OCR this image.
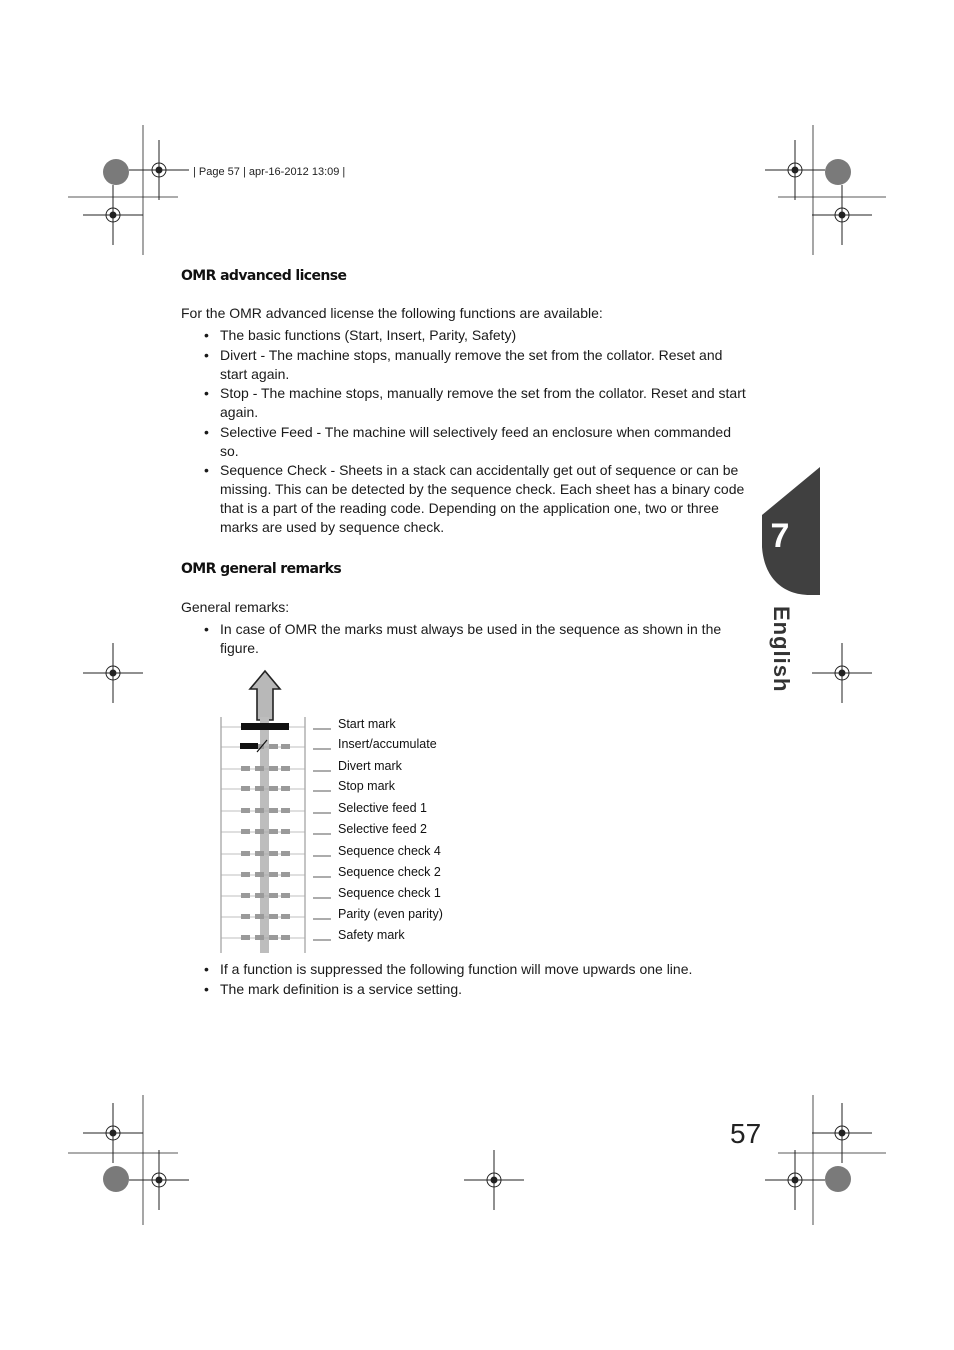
| Page 57 | apr-16-2012 13:09 |
OMR advanced license
For the OMR advanced license the following functions are available:
• The basic functions (Start, Insert, Parity, Safety)
• Divert - The machine stops, manually remove the set from the collator. Reset and start again.
• Stop - The machine stops, manually remove the set from the collator. Reset and start again.
• Selective Feed - The machine will selectively feed an enclosure when commanded so.
• Sequence Check - Sheets in a stack can accidentally get out of sequence or can be missing. This can be detected by the sequence check. Each sheet has a binary code that is a part of the reading code. Depending on the application one, two or three marks are used by sequence check.
OMR general remarks
General remarks:
• In case of OMR the marks must always be used in the sequence as shown in the figure.
Start mark
Insert/accumulate
Divert mark
Stop mark
Selective feed 1
Selective feed 2
Sequence check 4
Sequence check 2
Sequence check 1
Parity (even parity)
Safety mark
• If a function is suppressed the following function will move upwards one line.
• The mark definition is a service setting.
7
English
57
